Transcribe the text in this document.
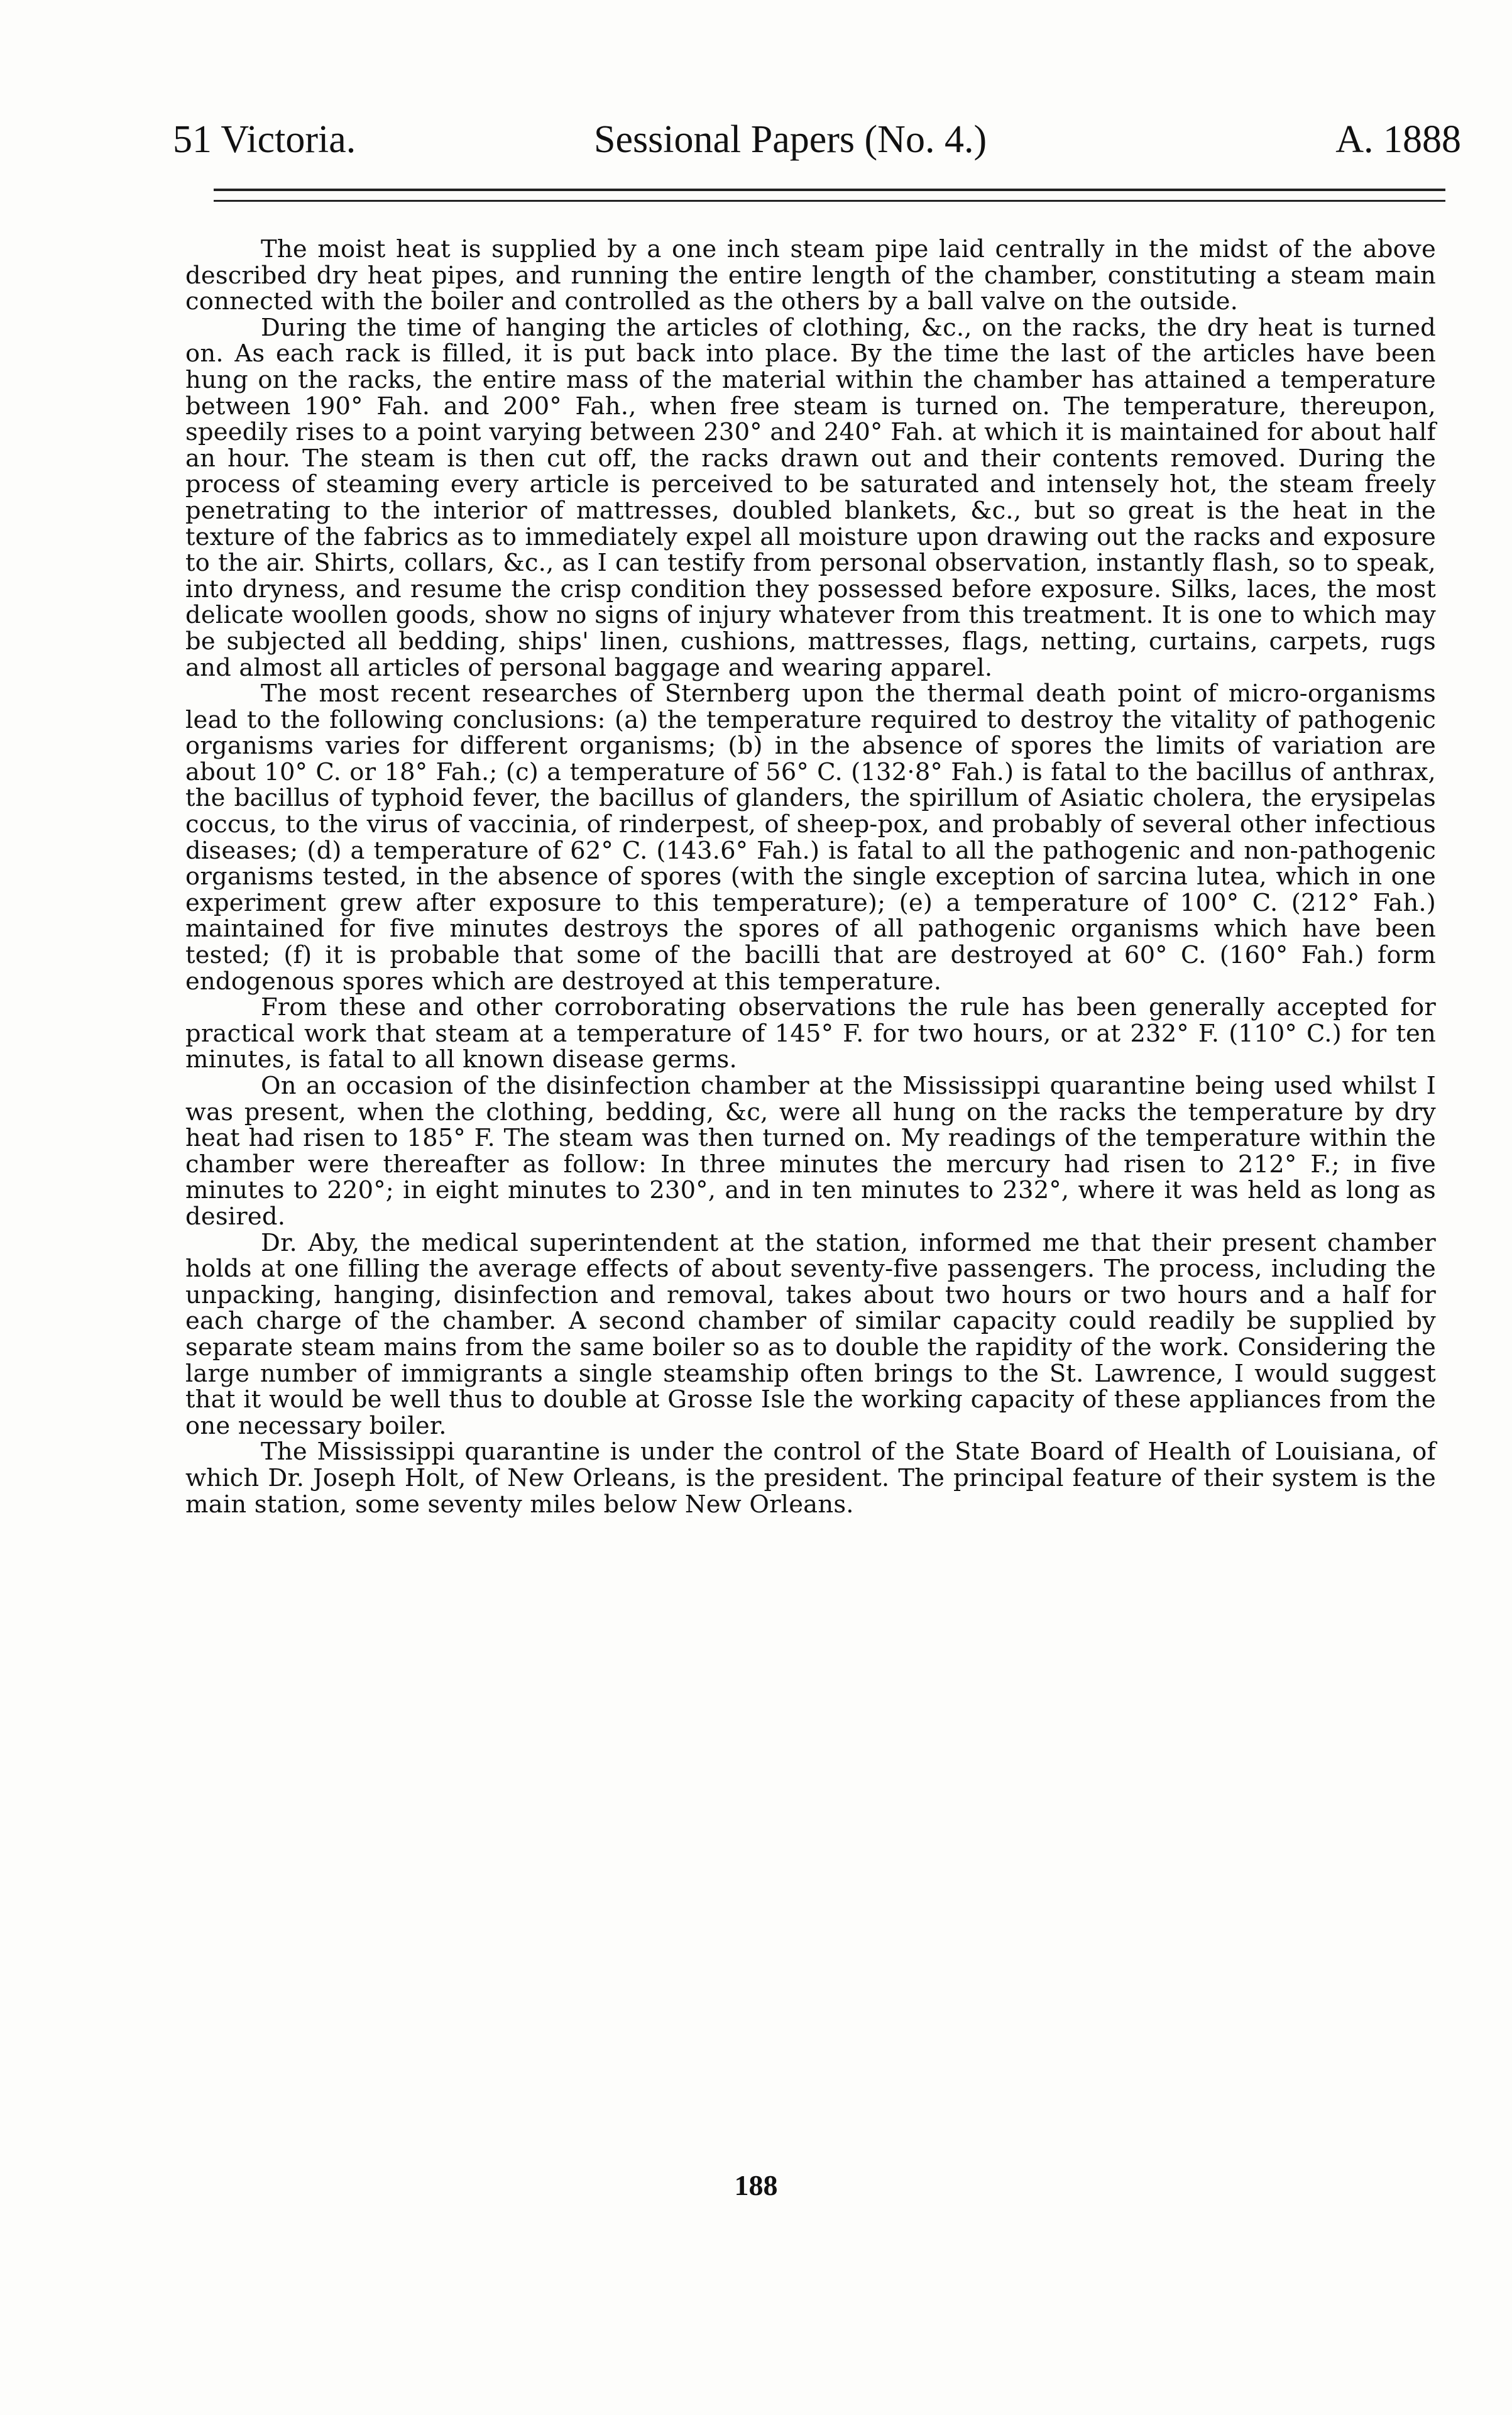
51 Victoria.	Sessional Papers (No. 4.)	A. 1888

The moist heat is supplied by a one inch steam pipe laid centrally in the midst of the above described dry heat pipes, and running the entire length of the chamber, constituting a steam main connected with the boiler and controlled as the others by a ball valve on the outside.

During the time of hanging the articles of clothing, &c., on the racks, the dry heat is turned on. As each rack is filled, it is put back into place. By the time the last of the articles have been hung on the racks, the entire mass of the material within the chamber has attained a temperature between 190° Fah. and 200° Fah., when free steam is turned on. The temperature, thereupon, speedily rises to a point varying between 230° and 240° Fah. at which it is maintained for about half an hour. The steam is then cut off, the racks drawn out and their contents removed. During the process of steaming every article is perceived to be saturated and intensely hot, the steam freely penetrating to the interior of mattresses, doubled blankets, &c., but so great is the heat in the texture of the fabrics as to immediately expel all moisture upon drawing out the racks and exposure to the air. Shirts, collars, &c., as I can testify from personal observation, instantly flash, so to speak, into dryness, and resume the crisp condition they possessed before exposure. Silks, laces, the most delicate woollen goods, show no signs of injury whatever from this treatment. It is one to which may be subjected all bedding, ships' linen, cushions, mattresses, flags, netting, curtains, carpets, rugs and almost all articles of personal baggage and wearing apparel.

The most recent researches of Sternberg upon the thermal death point of micro-organisms lead to the following conclusions: (a) the temperature required to destroy the vitality of pathogenic organisms varies for different organisms; (b) in the absence of spores the limits of variation are about 10° C. or 18° Fah.; (c) a temperature of 56° C. (132·8° Fah.) is fatal to the bacillus of anthrax, the bacillus of typhoid fever, the bacillus of glanders, the spirillum of Asiatic cholera, the erysipelas coccus, to the virus of vaccinia, of rinderpest, of sheep-pox, and probably of several other infectious diseases; (d) a temperature of 62° C. (143.6° Fah.) is fatal to all the pathogenic and non-pathogenic organisms tested, in the absence of spores (with the single exception of sarcina lutea, which in one experiment grew after exposure to this temperature); (e) a temperature of 100° C. (212° Fah.) maintained for five minutes destroys the spores of all pathogenic organisms which have been tested; (f) it is probable that some of the bacilli that are destroyed at 60° C. (160° Fah.) form endogenous spores which are destroyed at this temperature.

From these and other corroborating observations the rule has been generally accepted for practical work that steam at a temperature of 145° F. for two hours, or at 232° F. (110° C.) for ten minutes, is fatal to all known disease germs.

On an occasion of the disinfection chamber at the Mississippi quarantine being used whilst I was present, when the clothing, bedding, &c, were all hung on the racks the temperature by dry heat had risen to 185° F. The steam was then turned on. My readings of the temperature within the chamber were thereafter as follow: In three minutes the mercury had risen to 212° F.; in five minutes to 220°; in eight minutes to 230°, and in ten minutes to 232°, where it was held as long as desired.

Dr. Aby, the medical superintendent at the station, informed me that their present chamber holds at one filling the average effects of about seventy-five passengers. The process, including the unpacking, hanging, disinfection and removal, takes about two hours or two hours and a half for each charge of the chamber. A second chamber of similar capacity could readily be supplied by separate steam mains from the same boiler so as to double the rapidity of the work. Considering the large number of immigrants a single steamship often brings to the St. Lawrence, I would suggest that it would be well thus to double at Grosse Isle the working capacity of these appliances from the one necessary boiler.

The Mississippi quarantine is under the control of the State Board of Health of Louisiana, of which Dr. Joseph Holt, of New Orleans, is the president. The principal feature of their system is the main station, some seventy miles below New Orleans.

188
